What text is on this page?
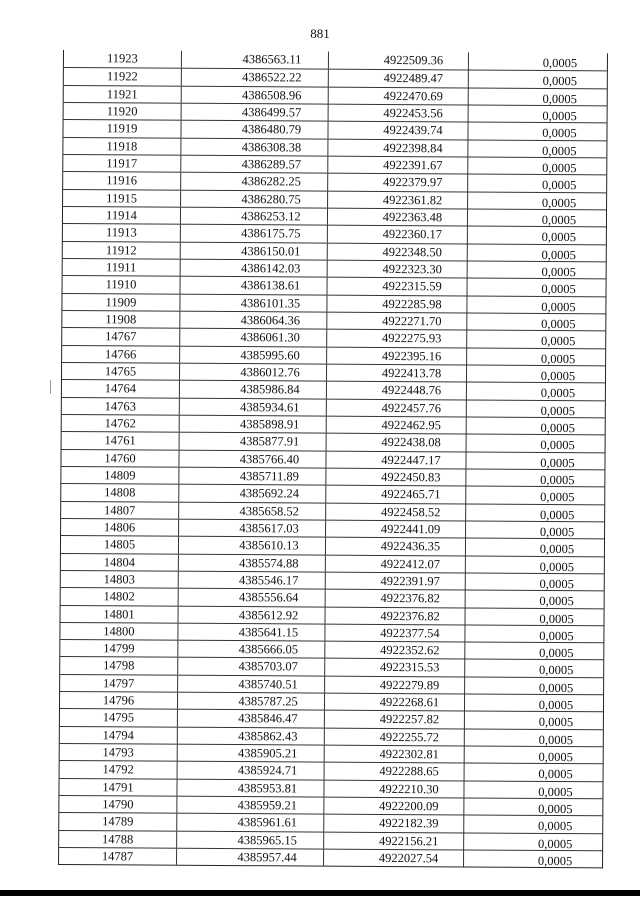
881
11923	4386563.11	4922509.36	0,0005
11922	4386522.22	4922489.47	0,0005
11921	4386508.96	4922470.69	0,0005
11920	4386499.57	4922453.56	0,0005
11919	4386480.79	4922439.74	0,0005
11918	4386308.38	4922398.84	0,0005
11917	4386289.57	4922391.67	0,0005
11916	4386282.25	4922379.97	0,0005
11915	4386280.75	4922361.82	0,0005
11914	4386253.12	4922363.48	0,0005
11913	4386175.75	4922360.17	0,0005
11912	4386150.01	4922348.50	0,0005
11911	4386142.03	4922323.30	0,0005
11910	4386138.61	4922315.59	0,0005
11909	4386101.35	4922285.98	0,0005
11908	4386064.36	4922271.70	0,0005
14767	4386061.30	4922275.93	0,0005
14766	4385995.60	4922395.16	0,0005
14765	4386012.76	4922413.78	0,0005
14764	4385986.84	4922448.76	0,0005
14763	4385934.61	4922457.76	0,0005
14762	4385898.91	4922462.95	0,0005
14761	4385877.91	4922438.08	0,0005
14760	4385766.40	4922447.17	0,0005
14809	4385711.89	4922450.83	0,0005
14808	4385692.24	4922465.71	0,0005
14807	4385658.52	4922458.52	0,0005
14806	4385617.03	4922441.09	0,0005
14805	4385610.13	4922436.35	0,0005
14804	4385574.88	4922412.07	0,0005
14803	4385546.17	4922391.97	0,0005
14802	4385556.64	4922376.82	0,0005
14801	4385612.92	4922376.82	0,0005
14800	4385641.15	4922377.54	0,0005
14799	4385666.05	4922352.62	0,0005
14798	4385703.07	4922315.53	0,0005
14797	4385740.51	4922279.89	0,0005
14796	4385787.25	4922268.61	0,0005
14795	4385846.47	4922257.82	0,0005
14794	4385862.43	4922255.72	0,0005
14793	4385905.21	4922302.81	0,0005
14792	4385924.71	4922288.65	0,0005
14791	4385953.81	4922210.30	0,0005
14790	4385959.21	4922200.09	0,0005
14789	4385961.61	4922182.39	0,0005
14788	4385965.15	4922156.21	0,0005
14787	4385957.44	4922027.54	0,0005
